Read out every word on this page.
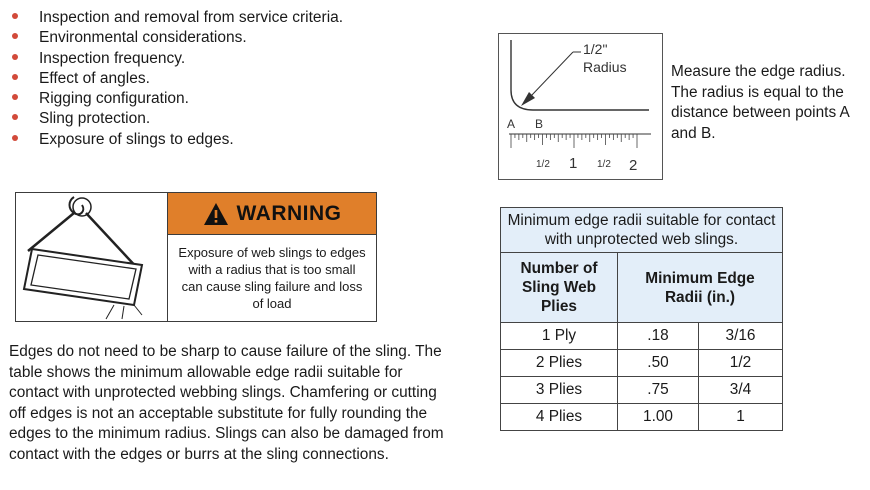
Inspection and removal from service criteria.
Environmental considerations.
Inspection frequency.
Effect of angles.
Rigging configuration.
Sling protection.
Exposure of slings to edges.
WARNING
Exposure of web slings to edges with a radius that is too small can cause sling failure and loss of load

Edges do not need to be sharp to cause failure of the sling. The table shows the minimum allowable edge radii suitable for contact with unprotected webbing slings. Chamfering or cutting off edges is not an acceptable substitute for fully rounding the edges to the minimum radius. Slings can also be damaged from contact with the edges or burrs at the sling connections.

1/2"
Radius
A B
1/2 1 1/2 2

Measure the edge radius. The radius is equal to the distance between points A and B.

Minimum edge radii suitable for contact with unprotected web slings.		
Number of Sling Web Plies	Minimum Edge Radii (in.)	
1 Ply	.18	3/16
2 Plies	.50	1/2
3 Plies	.75	3/4
4 Plies	1.00	1
